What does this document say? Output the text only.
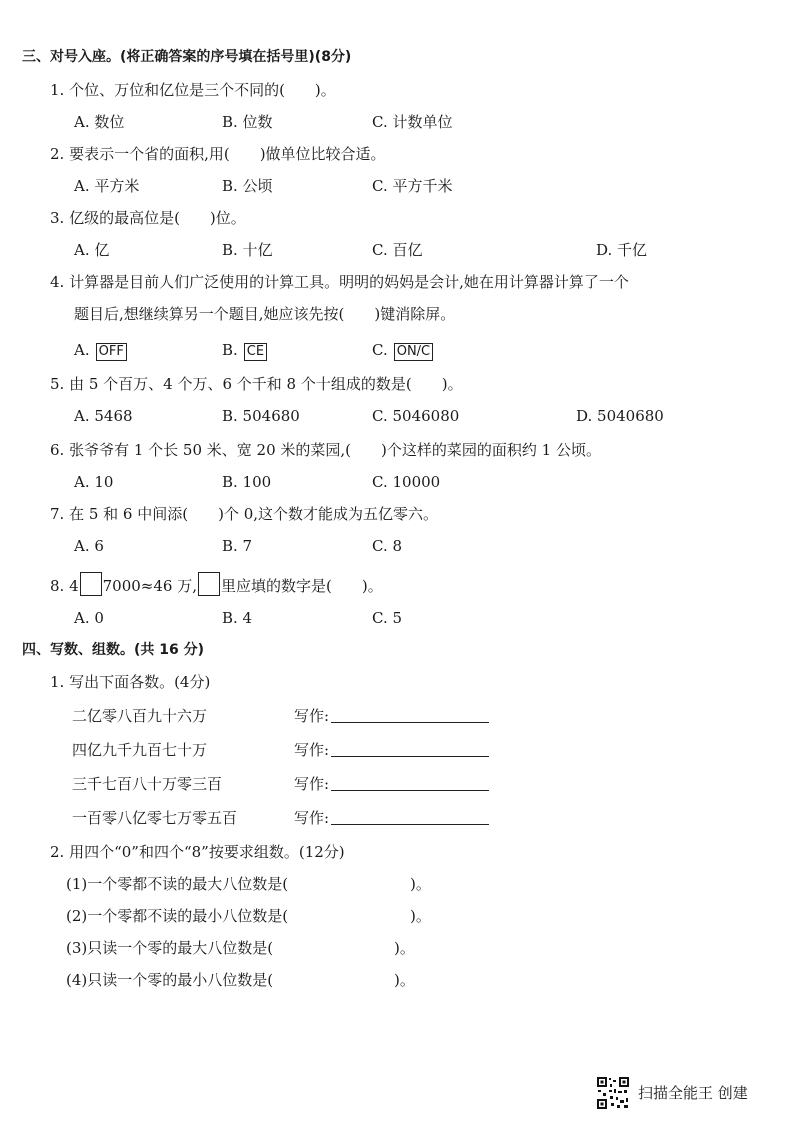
三、对号入座。(将正确答案的序号填在括号里)(8分)
1. 个位、万位和亿位是三个不同的(　　)。
A. 数位	B. 位数	C. 计数单位
2. 要表示一个省的面积,用(　　)做单位比较合适。
A. 平方米	B. 公顷	C. 平方千米
3. 亿级的最高位是(　　)位。
A. 亿	B. 十亿	C. 百亿	D. 千亿
4. 计算器是目前人们广泛使用的计算工具。明明的妈妈是会计,她在用计算器计算了一个
题目后,想继续算另一个题目,她应该先按(　　)键消除屏。
A. OFF	B. CE	C. ON/C
5. 由 5 个百万、4 个万、6 个千和 8 个十组成的数是(　　)。
A. 5468	B. 504680	C. 5046080	D. 5040680
6. 张爷爷有 1 个长 50 米、宽 20 米的菜园,(　　)个这样的菜园的面积约 1 公顷。
A. 10	B. 100	C. 10000
7. 在 5 和 6 中间添(　　)个 0,这个数才能成为五亿零六。
A. 6	B. 7	C. 8
8. 4 7000≈46 万, 里应填的数字是(　　)。
A. 0	B. 4	C. 5
四、写数、组数。(共 16 分)
1. 写出下面各数。(4分)
二亿零八百九十六万	写作:
四亿九千九百七十万	写作:
三千七百八十万零三百	写作:
一百零八亿零七万零五百	写作:
2. 用四个“0”和四个“8”按要求组数。(12分)
(1)一个零都不读的最大八位数是(	)。
(2)一个零都不读的最小八位数是(	)。
(3)只读一个零的最大八位数是(	)。
(4)只读一个零的最小八位数是(	)。
扫描全能王 创建
